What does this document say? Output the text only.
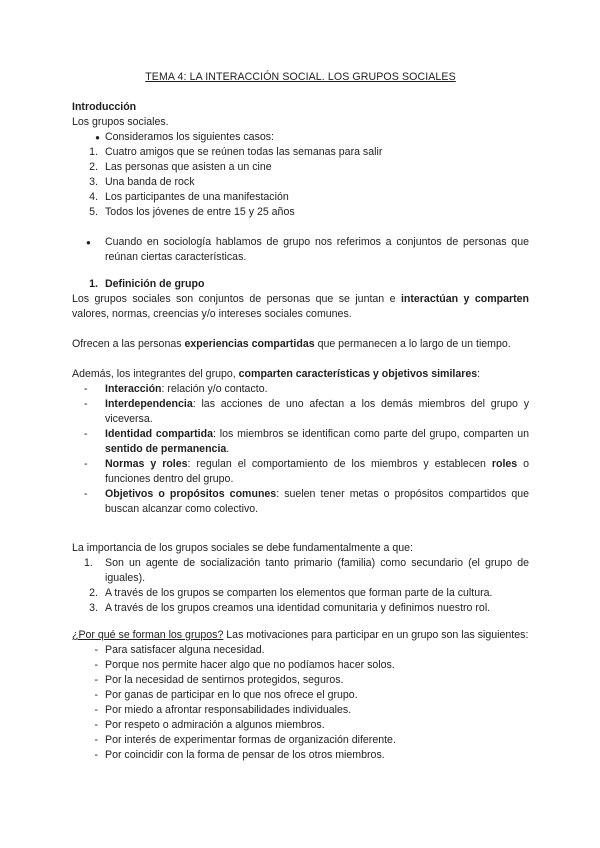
TEMA 4: LA INTERACCIÓN SOCIAL. LOS GRUPOS SOCIALES
Introducción
Los grupos sociales.
● Consideramos los siguientes casos:
1. Cuatro amigos que se reúnen todas las semanas para salir
2. Las personas que asisten a un cine
3. Una banda de rock
4. Los participantes de una manifestación
5. Todos los jóvenes de entre 15 y 25 años
●	Cuando en sociología hablamos de grupo nos referimos a conjuntos de personas que reúnan ciertas características.
1. Definición de grupo
Los grupos sociales son conjuntos de personas que se juntan e interactúan y comparten valores, normas, creencias y/o intereses sociales comunes.
Ofrecen a las personas experiencias compartidas que permanecen a lo largo de un tiempo.
Además, los integrantes del grupo, comparten características y objetivos similares:
-	Interacción: relación y/o contacto.
-	Interdependencia: las acciones de uno afectan a los demás miembros del grupo y viceversa.
-	Identidad compartida: los miembros se identifican como parte del grupo, comparten un sentido de permanencia.
-	Normas y roles: regulan el comportamiento de los miembros y establecen roles o funciones dentro del grupo.
-	Objetivos o propósitos comunes: suelen tener metas o propósitos compartidos que buscan alcanzar como colectivo.
La importancia de los grupos sociales se debe fundamentalmente a que:
1.	Son un agente de socialización tanto primario (familia) como secundario (el grupo de iguales).
2. A través de los grupos se comparten los elementos que forman parte de la cultura.
3. A través de los grupos creamos una identidad comunitaria y definimos nuestro rol.
¿Por qué se forman los grupos? Las motivaciones para participar en un grupo son las siguientes:
- Para satisfacer alguna necesidad.
- Porque nos permite hacer algo que no podíamos hacer solos.
- Por la necesidad de sentirnos protegidos, seguros.
- Por ganas de participar en lo que nos ofrece el grupo.
- Por miedo a afrontar responsabilidades individuales.
- Por respeto o admiración a algunos miembros.
- Por interés de experimentar formas de organización diferente.
- Por coincidir con la forma de pensar de los otros miembros.
